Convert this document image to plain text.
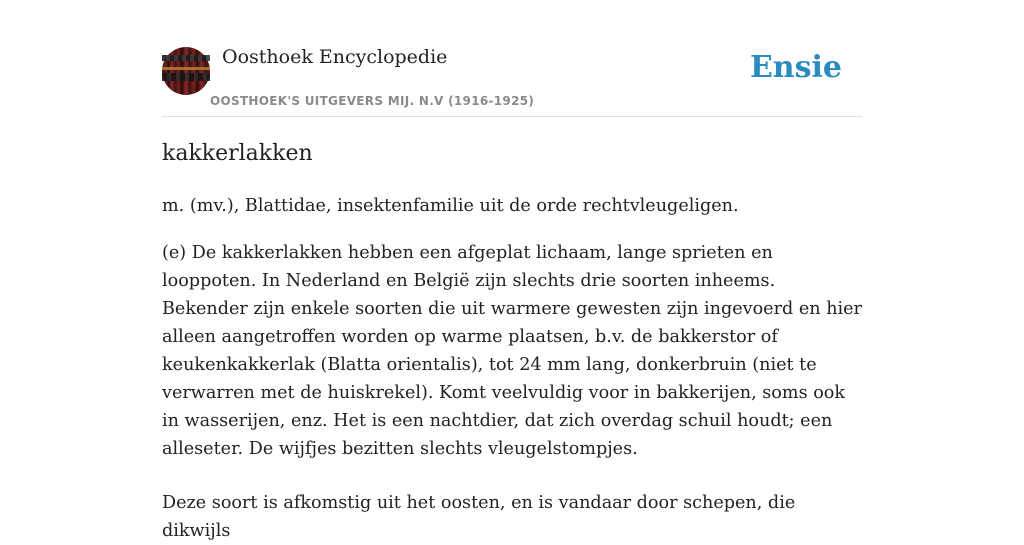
Oosthoek Encyclopedie
OOSTHOEK'S UITGEVERS MIJ. N.V (1916-1925)
Ensie
kakkerlakken

m. (mv.), Blattidae, insektenfamilie uit de orde rechtvleugeligen.

(e) De kakkerlakken hebben een afgeplat lichaam, lange sprieten en looppoten. In Nederland en België zijn slechts drie soorten inheems. Bekender zijn enkele soorten die uit warmere gewesten zijn ingevoerd en hier alleen aangetroffen worden op warme plaatsen, b.v. de bakkerstor of keukenkakkerlak (Blatta orientalis), tot 24 mm lang, donkerbruin (niet te verwarren met de huiskrekel). Komt veelvuldig voor in bakkerijen, soms ook in wasserijen, enz. Het is een nachtdier, dat zich overdag schuil houdt; een alleseter. De wijfjes bezitten slechts vleugelstompjes.

Deze soort is afkomstig uit het oosten, en is vandaar door schepen, die dikwijls
